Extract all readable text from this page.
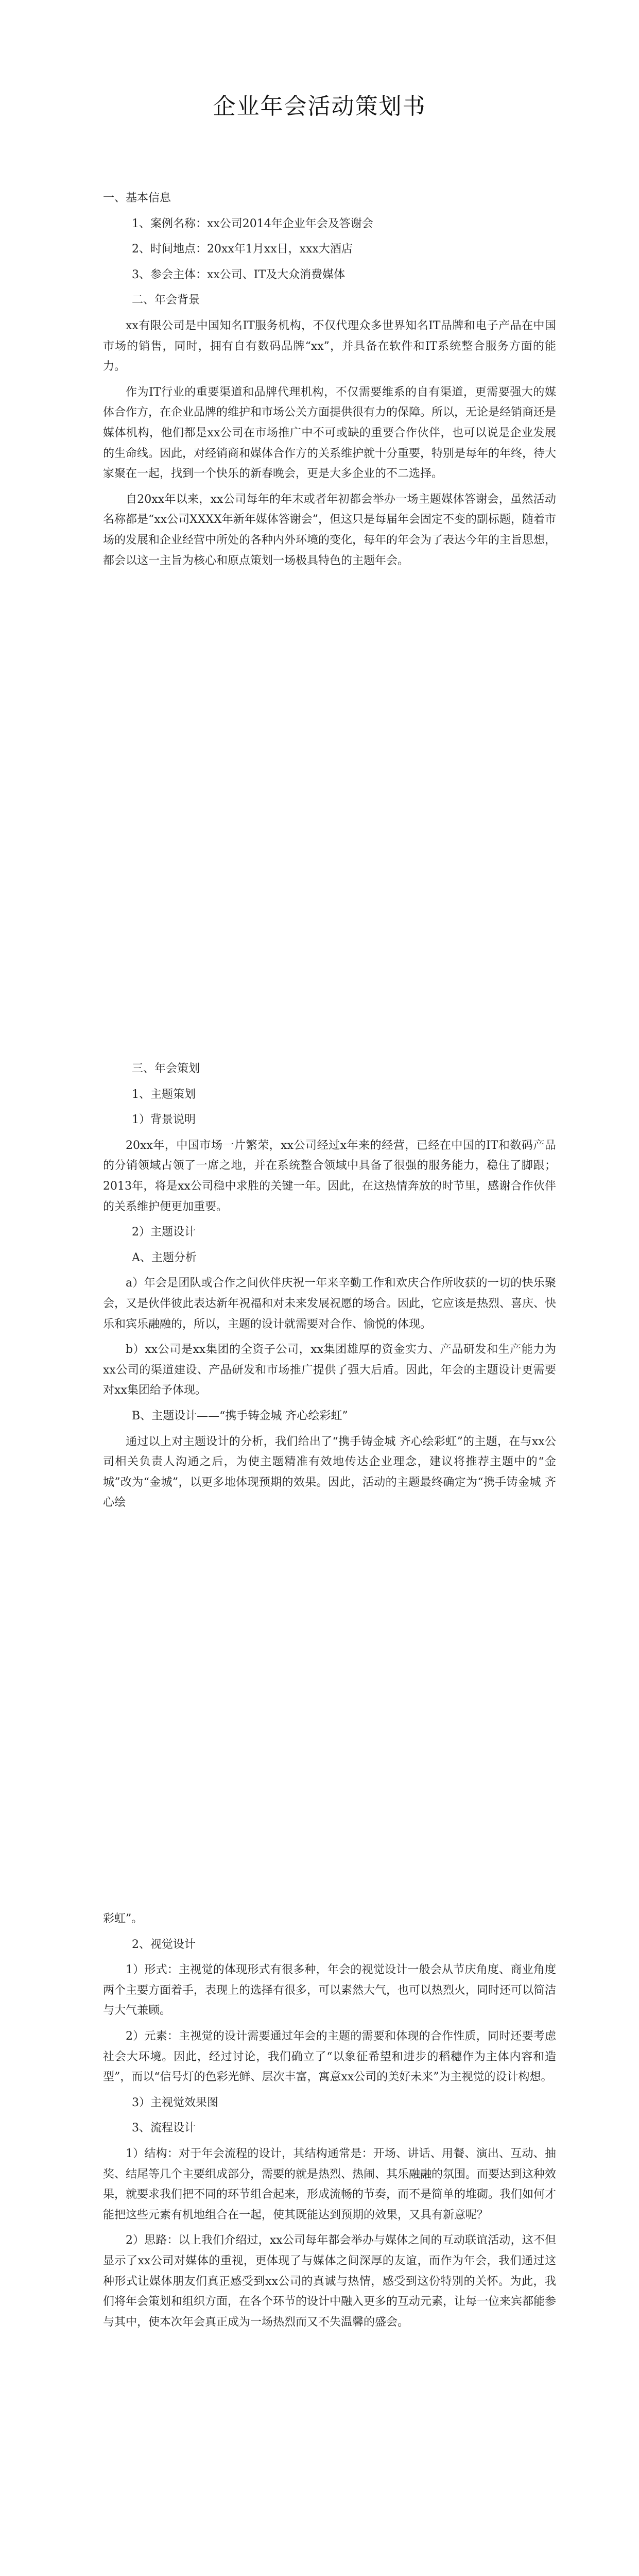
企业年会活动策划书
一、基本信息
1、案例名称：xx公司2014年企业年会及答谢会
2、时间地点：20xx年1月xx日，xxx大酒店
3、参会主体：xx公司、IT及大众消费媒体
二、年会背景
xx有限公司是中国知名IT服务机构，不仅代理众多世界知名IT品牌和电子产品在中国市场的销售，同时，拥有自有数码品牌“xx”，并具备在软件和IT系统整合服务方面的能力。
作为IT行业的重要渠道和品牌代理机构，不仅需要维系的自有渠道，更需要强大的媒体合作方，在企业品牌的维护和市场公关方面提供很有力的保障。所以，无论是经销商还是媒体机构，他们都是xx公司在市场推广中不可或缺的重要合作伙伴，也可以说是企业发展的生命线。因此，对经销商和媒体合作方的关系维护就十分重要，特别是每年的年终，待大家聚在一起，找到一个快乐的新春晚会，更是大多企业的不二选择。
自20xx年以来，xx公司每年的年末或者年初都会举办一场主题媒体答谢会，虽然活动名称都是“xx公司XXXX年新年媒体答谢会”，但这只是每届年会固定不变的副标题，随着市场的发展和企业经营中所处的各种内外环境的变化，每年的年会为了表达今年的主旨思想，都会以这一主旨为核心和原点策划一场极具特色的主题年会。
三、年会策划
1、主题策划
1）背景说明
20xx年，中国市场一片繁荣，xx公司经过x年来的经营，已经在中国的IT和数码产品的分销领域占领了一席之地，并在系统整合领域中具备了很强的服务能力，稳住了脚跟；2013年，将是xx公司稳中求胜的关键一年。因此，在这热情奔放的时节里，感谢合作伙伴的关系维护便更加重要。
2）主题设计
A、主题分析
a）年会是团队或合作之间伙伴庆祝一年来辛勤工作和欢庆合作所收获的一切的快乐聚会，又是伙伴彼此表达新年祝福和对未来发展祝愿的场合。因此，它应该是热烈、喜庆、快乐和宾乐融融的，所以，主题的设计就需要对合作、愉悦的体现。
b）xx公司是xx集团的全资子公司，xx集团雄厚的资金实力、产品研发和生产能力为xx公司的渠道建设、产品研发和市场推广提供了强大后盾。因此，年会的主题设计更需要对xx集团给予体现。
B、主题设计——“携手铸金城 齐心绘彩虹”
通过以上对主题设计的分析，我们给出了“携手铸金城 齐心绘彩虹”的主题，在与xx公司相关负责人沟通之后，为使主题精准有效地传达企业理念，建议将推荐主题中的“金城”改为“金城”，以更多地体现预期的效果。因此，活动的主题最终确定为“携手铸金城 齐心绘
彩虹”。
2、视觉设计
1）形式：主视觉的体现形式有很多种，年会的视觉设计一般会从节庆角度、商业角度两个主要方面着手，表现上的选择有很多，可以素然大气，也可以热烈火，同时还可以简洁与大气兼顾。
2）元素：主视觉的设计需要通过年会的主题的需要和体现的合作性质，同时还要考虑社会大环境。因此，经过讨论，我们确立了“以象征希望和进步的稻穗作为主体内容和造型”，而以“信号灯的色彩光鲜、层次丰富，寓意xx公司的美好未来”为主视觉的设计构想。
3）主视觉效果图
3、流程设计
1）结构：对于年会流程的设计，其结构通常是：开场、讲话、用餐、演出、互动、抽奖、结尾等几个主要组成部分，需要的就是热烈、热闹、其乐融融的氛围。而要达到这种效果，就要求我们把不同的环节组合起来，形成流畅的节奏，而不是简单的堆砌。我们如何才能把这些元素有机地组合在一起，使其既能达到预期的效果，又具有新意呢？
2）思路：以上我们介绍过，xx公司每年都会举办与媒体之间的互动联谊活动，这不但显示了xx公司对媒体的重视，更体现了与媒体之间深厚的友谊，而作为年会，我们通过这种形式让媒体朋友们真正感受到xx公司的真诚与热情，感受到这份特别的关怀。为此，我们将年会策划和组织方面，在各个环节的设计中融入更多的互动元素，让每一位来宾都能参与其中，使本次年会真正成为一场热烈而又不失温馨的盛会。
